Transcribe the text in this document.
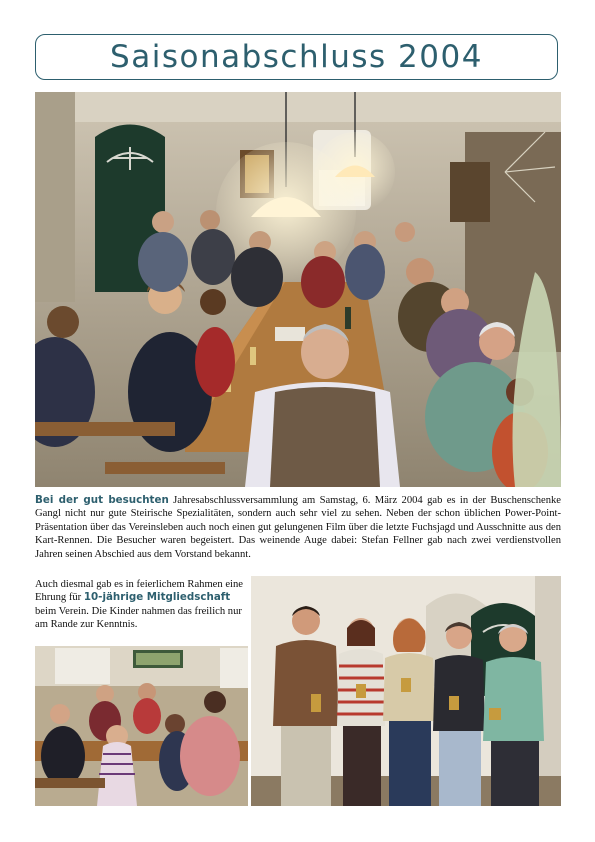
Saisonabschluss 2004

Bei der gut besuchten Jahresabschlussversammlung am Samstag, 6. März 2004 gab es in der Buschenschenke Gangl nicht nur gute Steirische Spezialitäten, sondern auch sehr viel zu sehen. Neben der schon üblichen Power-Point-Präsentation über das Vereinsleben auch noch einen gut gelungenen Film über die letzte Fuchsjagd und Ausschnitte aus den Kart-Rennen. Die Besucher waren begeistert. Das weinende Auge dabei: Stefan Fellner gab nach zwei verdienstvollen Jahren seinen Abschied aus dem Vorstand bekannt.

Auch diesmal gab es in feierlichem Rahmen eine Ehrung für 10-jährige Mitgliedschaft beim Verein. Die Kinder nahmen das freilich nur am Rande zur Kenntnis.
